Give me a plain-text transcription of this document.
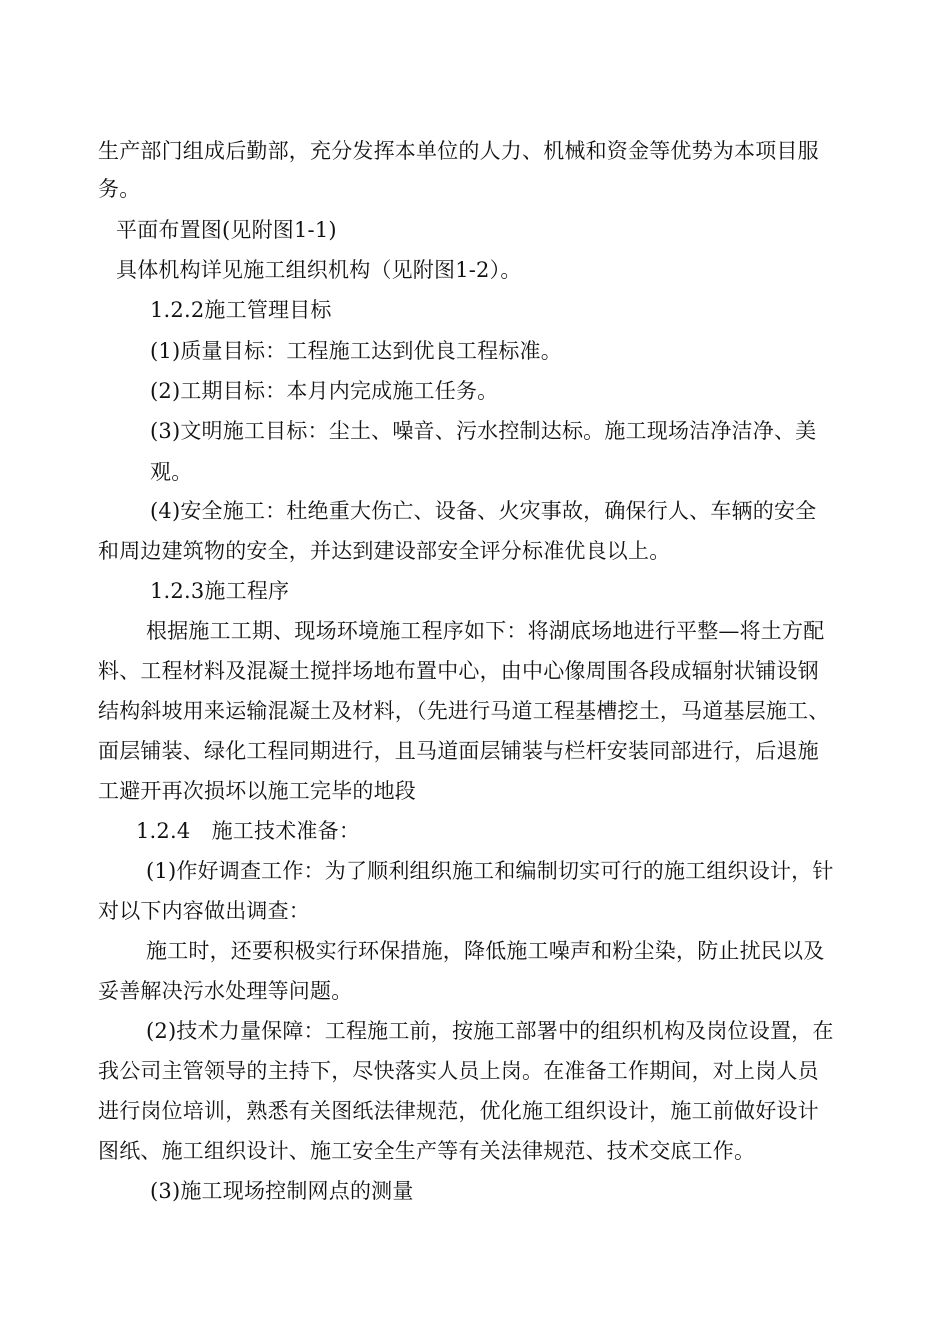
生产部门组成后勤部，充分发挥本单位的人力、机械和资金等优势为本项目服
务。
平面布置图(见附图1-1)
具体机构详见施工组织机构（见附图1-2）。
1.2.2施工管理目标
(1)质量目标：工程施工达到优良工程标准。
(2)工期目标：本月内完成施工任务。
(3)文明施工目标：尘土、噪音、污水控制达标。施工现场洁净洁净、美
观。
(4)安全施工：杜绝重大伤亡、设备、火灾事故，确保行人、车辆的安全
和周边建筑物的安全，并达到建设部安全评分标准优良以上。
1.2.3施工程序
根据施工工期、现场环境施工程序如下：将湖底场地进行平整—将土方配
料、工程材料及混凝土搅拌场地布置中心，由中心像周围各段成辐射状铺设钢
结构斜坡用来运输混凝土及材料，（先进行马道工程基槽挖土，马道基层施工、
面层铺装、绿化工程同期进行，且马道面层铺装与栏杆安装同部进行，后退施
工避开再次损坏以施工完毕的地段
1.2.4　施工技术准备：
(1)作好调查工作：为了顺利组织施工和编制切实可行的施工组织设计，针
对以下内容做出调查：
施工时，还要积极实行环保措施，降低施工噪声和粉尘染，防止扰民以及
妥善解决污水处理等问题。
(2)技术力量保障：工程施工前，按施工部署中的组织机构及岗位设置，在
我公司主管领导的主持下，尽快落实人员上岗。在准备工作期间，对上岗人员
进行岗位培训，熟悉有关图纸法律规范，优化施工组织设计，施工前做好设计
图纸、施工组织设计、施工安全生产等有关法律规范、技术交底工作。
(3)施工现场控制网点的测量
